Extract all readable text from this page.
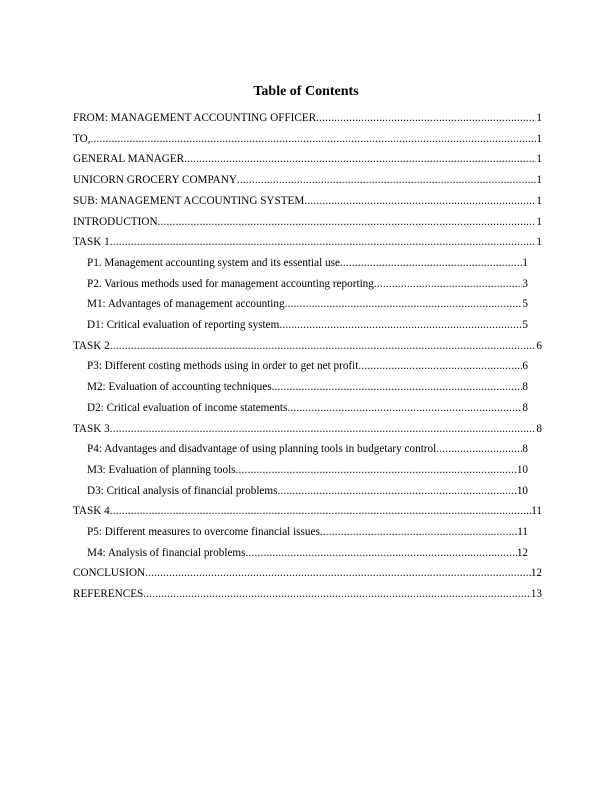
Table of Contents
FROM: MANAGEMENT ACCOUNTING OFFICER .....	1
TO, .....	1
GENERAL MANAGER .....	1
UNICORN GROCERY COMPANY .....	1
SUB: MANAGEMENT ACCOUNTING SYSTEM .....	1
INTRODUCTION .....	1
TASK 1 .....	1
P1. Management accounting system and its essential use .....	1
P2. Various methods used for management accounting reporting .....	3
M1: Advantages of management accounting .....	5
D1: Critical evaluation of reporting system .....	5
TASK 2 .....	6
P3: Different costing methods using in order to get net profit .....	6
M2: Evaluation of accounting techniques .....	8
D2: Critical evaluation of income statements .....	8
TASK 3 .....	8
P4: Advantages and disadvantage of using planning tools in budgetary control .....	8
M3: Evaluation of planning tools .....	10
D3: Critical analysis of financial problems .....	10
TASK 4 .....	11
P5: Different measures to overcome financial issues .....	11
M4: Analysis of financial problems .....	12
CONCLUSION .....	12
REFERENCES .....	13
